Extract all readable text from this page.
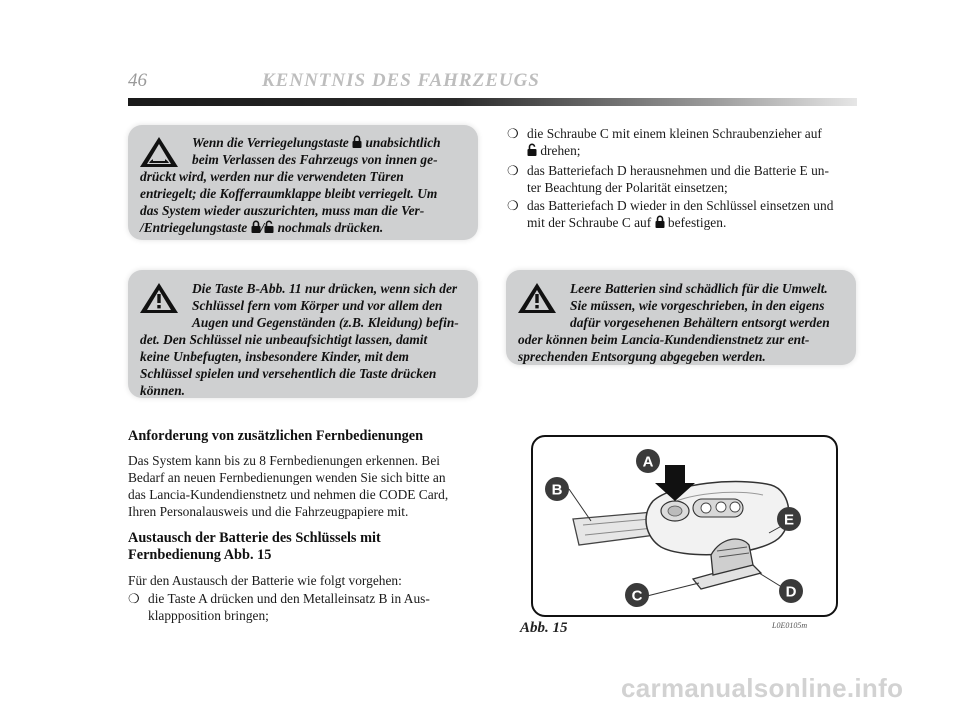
46	KENNTNIS DES FAHRZEUGS
Wenn die Verriegelungstaste unabsichtlich
beim Verlassen des Fahrzeugs von innen ge-
drückt wird, werden nur die verwendeten Türen
entriegelt; die Kofferraumklappe bleibt verriegelt. Um
das System wieder auszurichten, muss man die Ver-
/Entriegelungstaste / nochmals drücken.
Die Taste B-Abb. 11 nur drücken, wenn sich der
Schlüssel fern vom Körper und vor allem den
Augen und Gegenständen (z.B. Kleidung) befin-
det. Den Schlüssel nie unbeaufsichtigt lassen, damit
keine Unbefugten, insbesondere Kinder, mit dem
Schlüssel spielen und versehentlich die Taste drücken
können.
Leere Batterien sind schädlich für die Umwelt.
Sie müssen, wie vorgeschrieben, in den eigens
dafür vorgesehenen Behältern entsorgt werden
oder können beim Lancia-Kundendienstnetz zur ent-
sprechenden Entsorgung abgegeben werden.
❍ die Schraube C mit einem kleinen Schraubenzieher auf
drehen;
❍ das Batteriefach D herausnehmen und die Batterie E un-
ter Beachtung der Polarität einsetzen;
❍ das Batteriefach D wieder in den Schlüssel einsetzen und
mit der Schraube C auf befestigen.
Anforderung von zusätzlichen Fernbedienungen
Das System kann bis zu 8 Fernbedienungen erkennen. Bei
Bedarf an neuen Fernbedienungen wenden Sie sich bitte an
das Lancia-Kundendienstnetz und nehmen die CODE Card,
Ihren Personalausweis und die Fahrzeugpapiere mit.
Austausch der Batterie des Schlüssels mit
Fernbedienung Abb. 15
Für den Austausch der Batterie wie folgt vorgehen:
❍ die Taste A drücken und den Metalleinsatz B in Aus-
klappposition bringen;
A
B
C	D
E
Abb. 15	L0E0105m
carmanualsonline.info
